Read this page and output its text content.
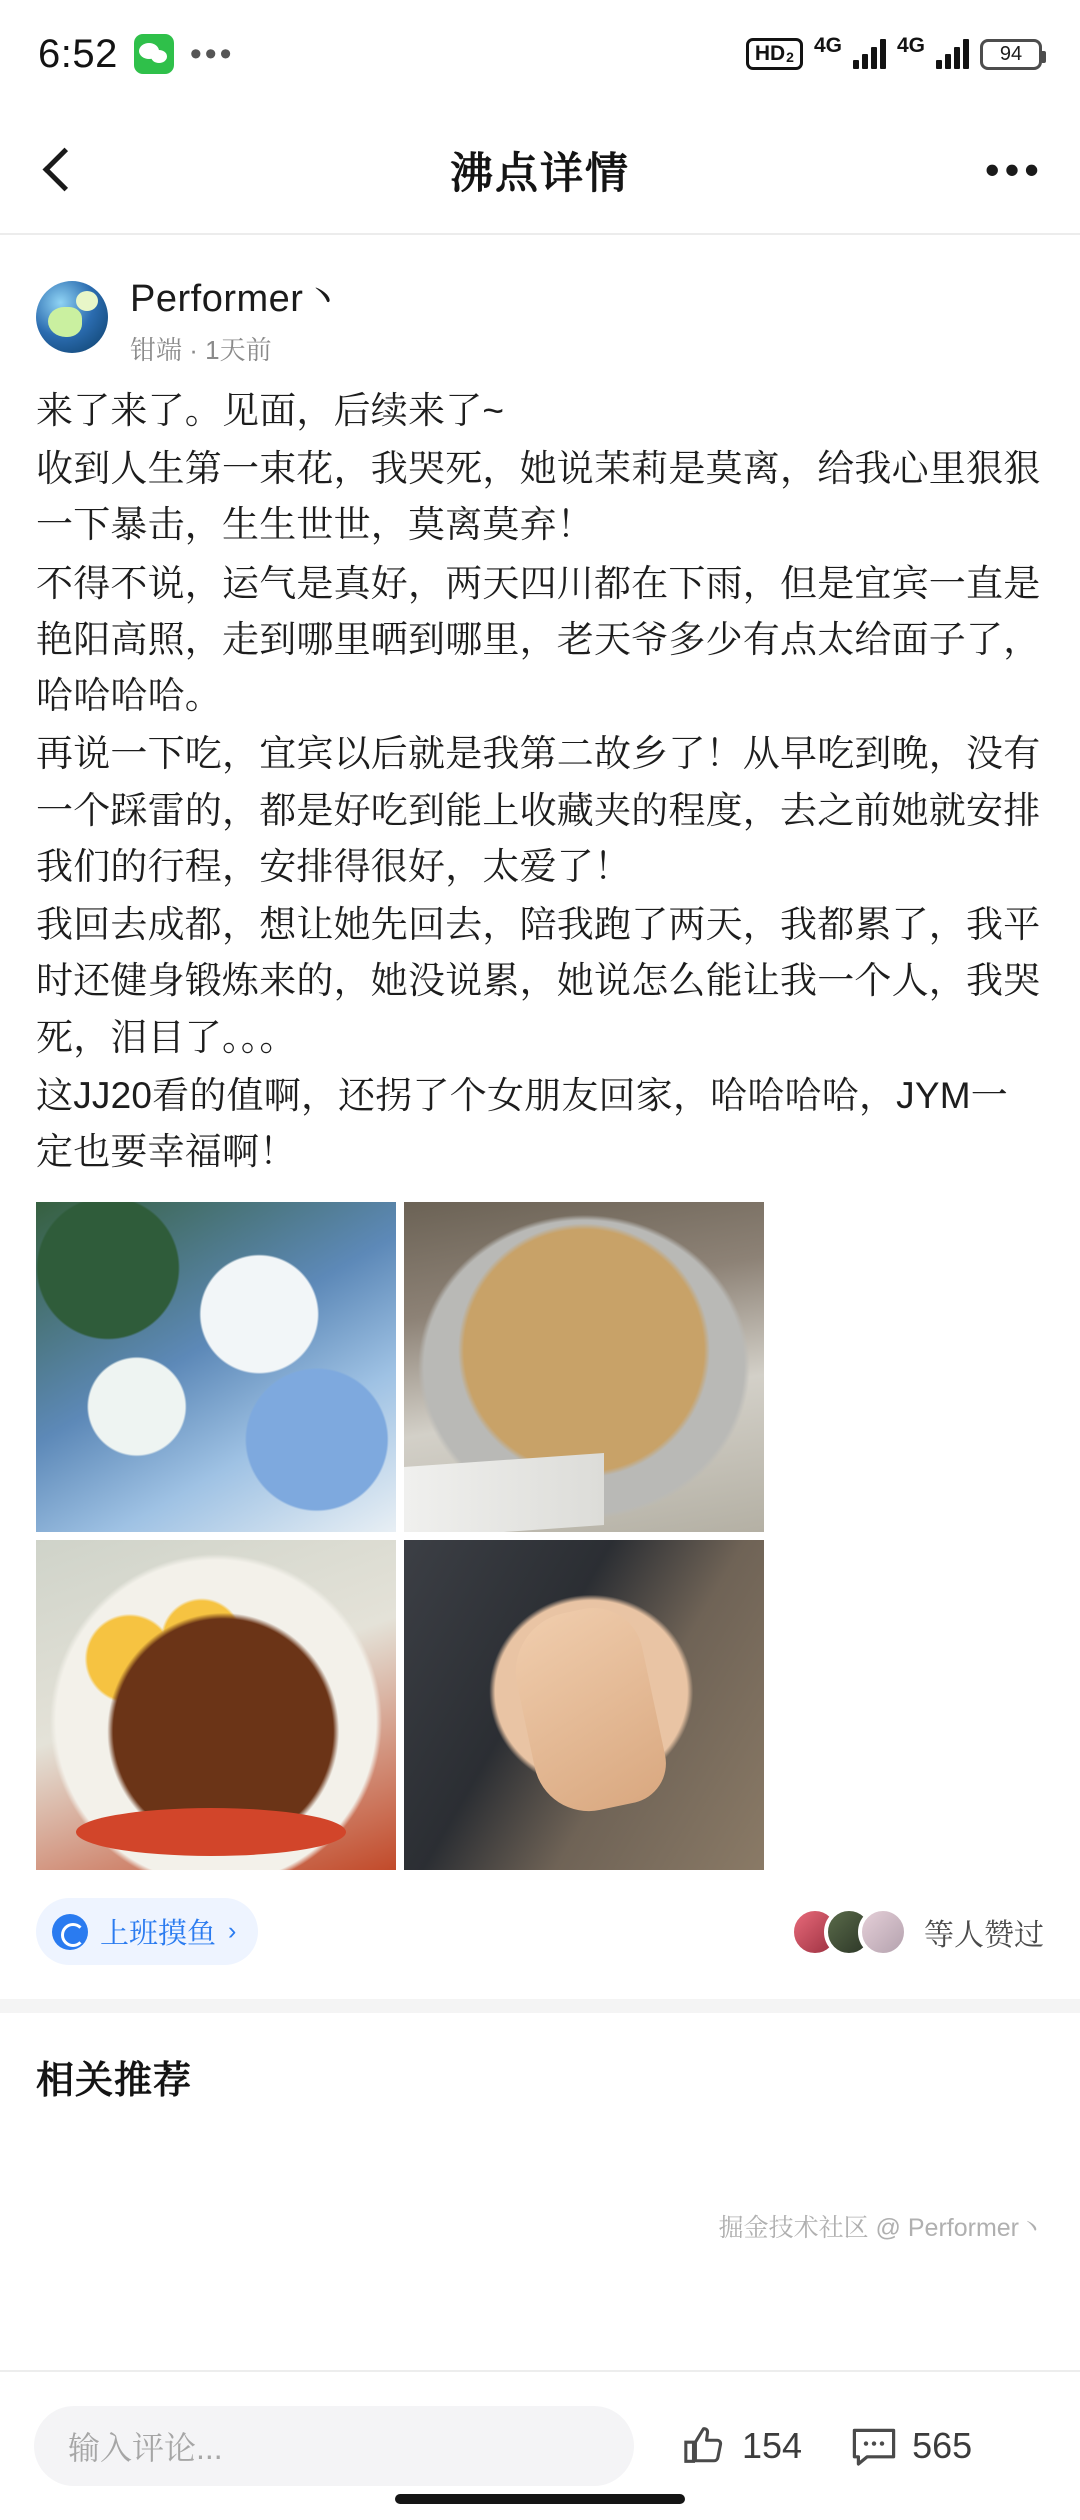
6:52 •••	HD 2 4G	4G	94
沸点详情	•••
Performer丶
钳端 · 1天前

来了来了。见面，后续来了~

收到人生第一束花，我哭死，她说茉莉是莫离，给我心里狠狠一下暴击，生生世世，莫离莫弃！

不得不说，运气是真好，两天四川都在下雨，但是宜宾一直是艳阳高照，走到哪里晒到哪里，老天爷多少有点太给面子了，哈哈哈哈。

再说一下吃，宜宾以后就是我第二故乡了！从早吃到晚，没有一个踩雷的，都是好吃到能上收藏夹的程度，去之前她就安排我们的行程，安排得很好，太爱了！

我回去成都，想让她先回去，陪我跑了两天，我都累了，我平时还健身锻炼来的，她没说累，她说怎么能让我一个人，我哭死，泪目了。。。

这JJ20看的值啊，还拐了个女朋友回家，哈哈哈哈，JYM一定也要幸福啊！

上班摸鱼 ›	等人赞过
相关推荐
掘金技术社区 @ Performer丶
输入评论...	154	565
